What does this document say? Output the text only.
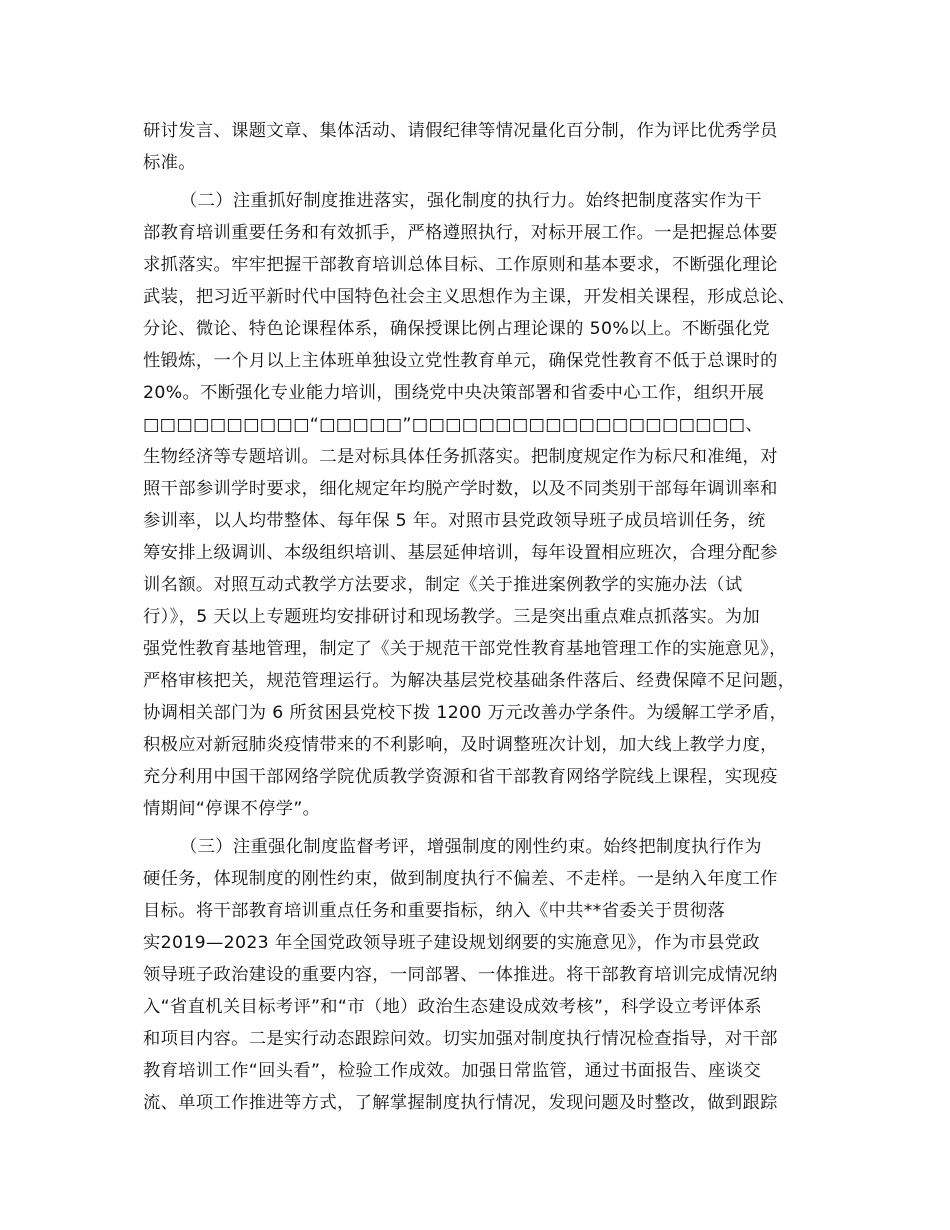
研讨发言、课题文章、集体活动、请假纪律等情况量化百分制，作为评比优秀学员
标准。
（二）注重抓好制度推进落实，强化制度的执行力。始终把制度落实作为干
部教育培训重要任务和有效抓手，严格遵照执行，对标开展工作。一是把握总体要
求抓落实。牢牢把握干部教育培训总体目标、工作原则和基本要求，不断强化理论
武装，把习近平新时代中国特色社会主义思想作为主课，开发相关课程，形成总论、
分论、微论、特色论课程体系，确保授课比例占理论课的 50%以上。不断强化党
性锻炼，一个月以上主体班单独设立党性教育单元，确保党性教育不低于总课时的
20%。不断强化专业能力培训，围绕党中央决策部署和省委中心工作，组织开展
□□□□□□□□□□“□□□□□”□□□□□□□□□□□□□□□□□□□□、
生物经济等专题培训。二是对标具体任务抓落实。把制度规定作为标尺和准绳，对
照干部参训学时要求，细化规定年均脱产学时数，以及不同类别干部每年调训率和
参训率，以人均带整体、每年保 5 年。对照市县党政领导班子成员培训任务，统
筹安排上级调训、本级组织培训、基层延伸培训，每年设置相应班次，合理分配参
训名额。对照互动式教学方法要求，制定《关于推进案例教学的实施办法（试
行）》，5 天以上专题班均安排研讨和现场教学。三是突出重点难点抓落实。为加
强党性教育基地管理，制定了《关于规范干部党性教育基地管理工作的实施意见》，
严格审核把关，规范管理运行。为解决基层党校基础条件落后、经费保障不足问题，
协调相关部门为 6 所贫困县党校下拨 1200 万元改善办学条件。为缓解工学矛盾，
积极应对新冠肺炎疫情带来的不利影响，及时调整班次计划，加大线上教学力度，
充分利用中国干部网络学院优质教学资源和省干部教育网络学院线上课程，实现疫
情期间“停课不停学”。
（三）注重强化制度监督考评，增强制度的刚性约束。始终把制度执行作为
硬任务，体现制度的刚性约束，做到制度执行不偏差、不走样。一是纳入年度工作
目标。将干部教育培训重点任务和重要指标，纳入《中共**省委关于贯彻落
实2019—2023 年全国党政领导班子建设规划纲要的实施意见》，作为市县党政
领导班子政治建设的重要内容，一同部署、一体推进。将干部教育培训完成情况纳
入“省直机关目标考评”和“市（地）政治生态建设成效考核”，科学设立考评体系
和项目内容。二是实行动态跟踪问效。切实加强对制度执行情况检查指导，对干部
教育培训工作“回头看”，检验工作成效。加强日常监管，通过书面报告、座谈交
流、单项工作推进等方式，了解掌握制度执行情况，发现问题及时整改，做到跟踪
